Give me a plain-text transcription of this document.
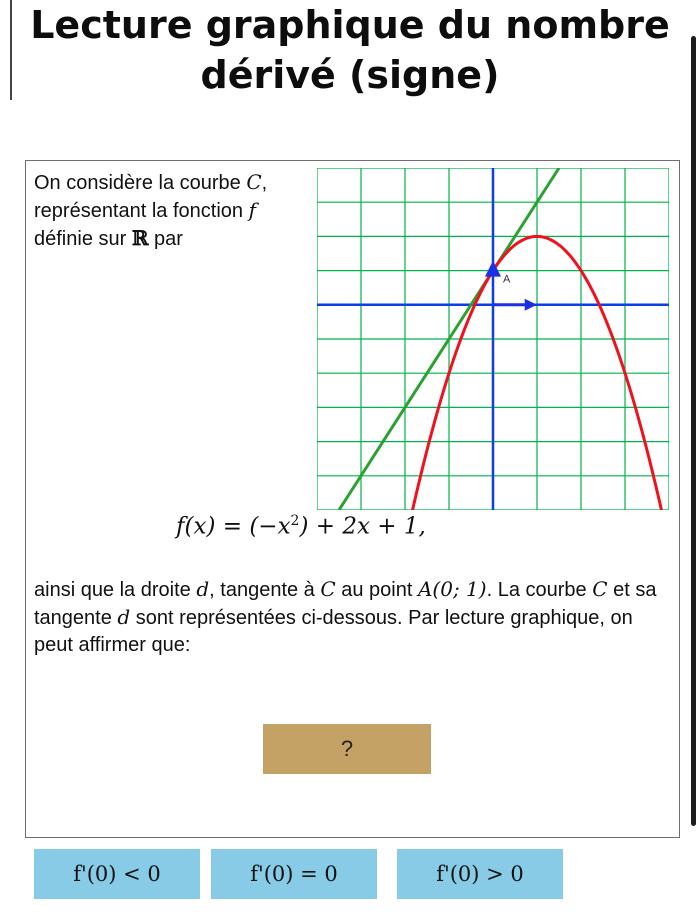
Lecture graphique du nombre dérivé (signe)
On considère la courbe C, représentant la fonction f définie sur ℝ par
A
$f(x) = (-x^2) + 2x + 1$,
ainsi que la droite d, tangente à C au point A(0; 1). La courbe C et sa tangente d sont représentées ci-dessous. Par lecture graphique, on peut affirmer que:
?
f'(0) < 0	f'(0) = 0	f'(0) > 0
